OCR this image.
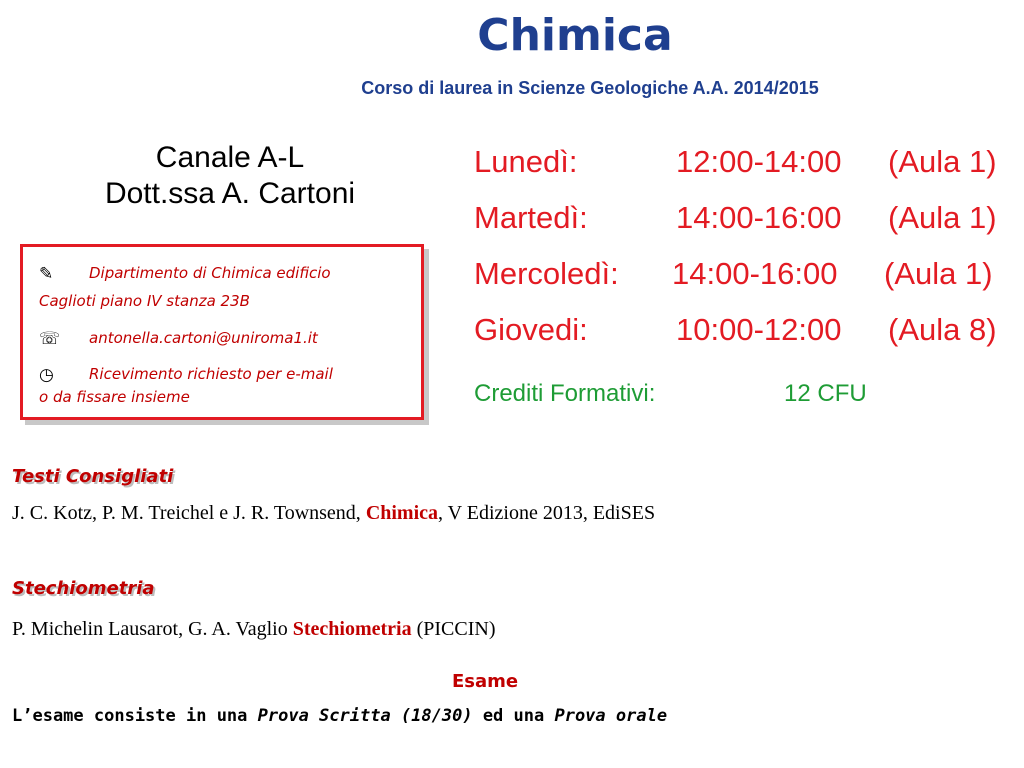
Chimica
Corso di laurea in Scienze Geologiche A.A. 2014/2015
Canale A-L
Dott.ssa A. Cartoni
✎ Dipartimento di Chimica edificio
Caglioti piano IV stanza 23B
☏ antonella.cartoni@uniroma1.it
◷ Ricevimento richiesto per e-mail
o da fissare insieme
Lunedì:	12:00-14:00 (Aula 1)
Martedì:	14:00-16:00 (Aula 1)
Mercoledì: 14:00-16:00 (Aula 1)
Giovedi:	10:00-12:00 (Aula 8)
Crediti Formativi:	12 CFU
Testi Consigliati
J. C. Kotz, P. M. Treichel e J. R. Townsend, Chimica, V Edizione 2013, EdiSES
Stechiometria
P. Michelin Lausarot, G. A. Vaglio Stechiometria (PICCIN)
Esame
L’esame consiste in una Prova Scritta (18/30) ed una Prova orale
